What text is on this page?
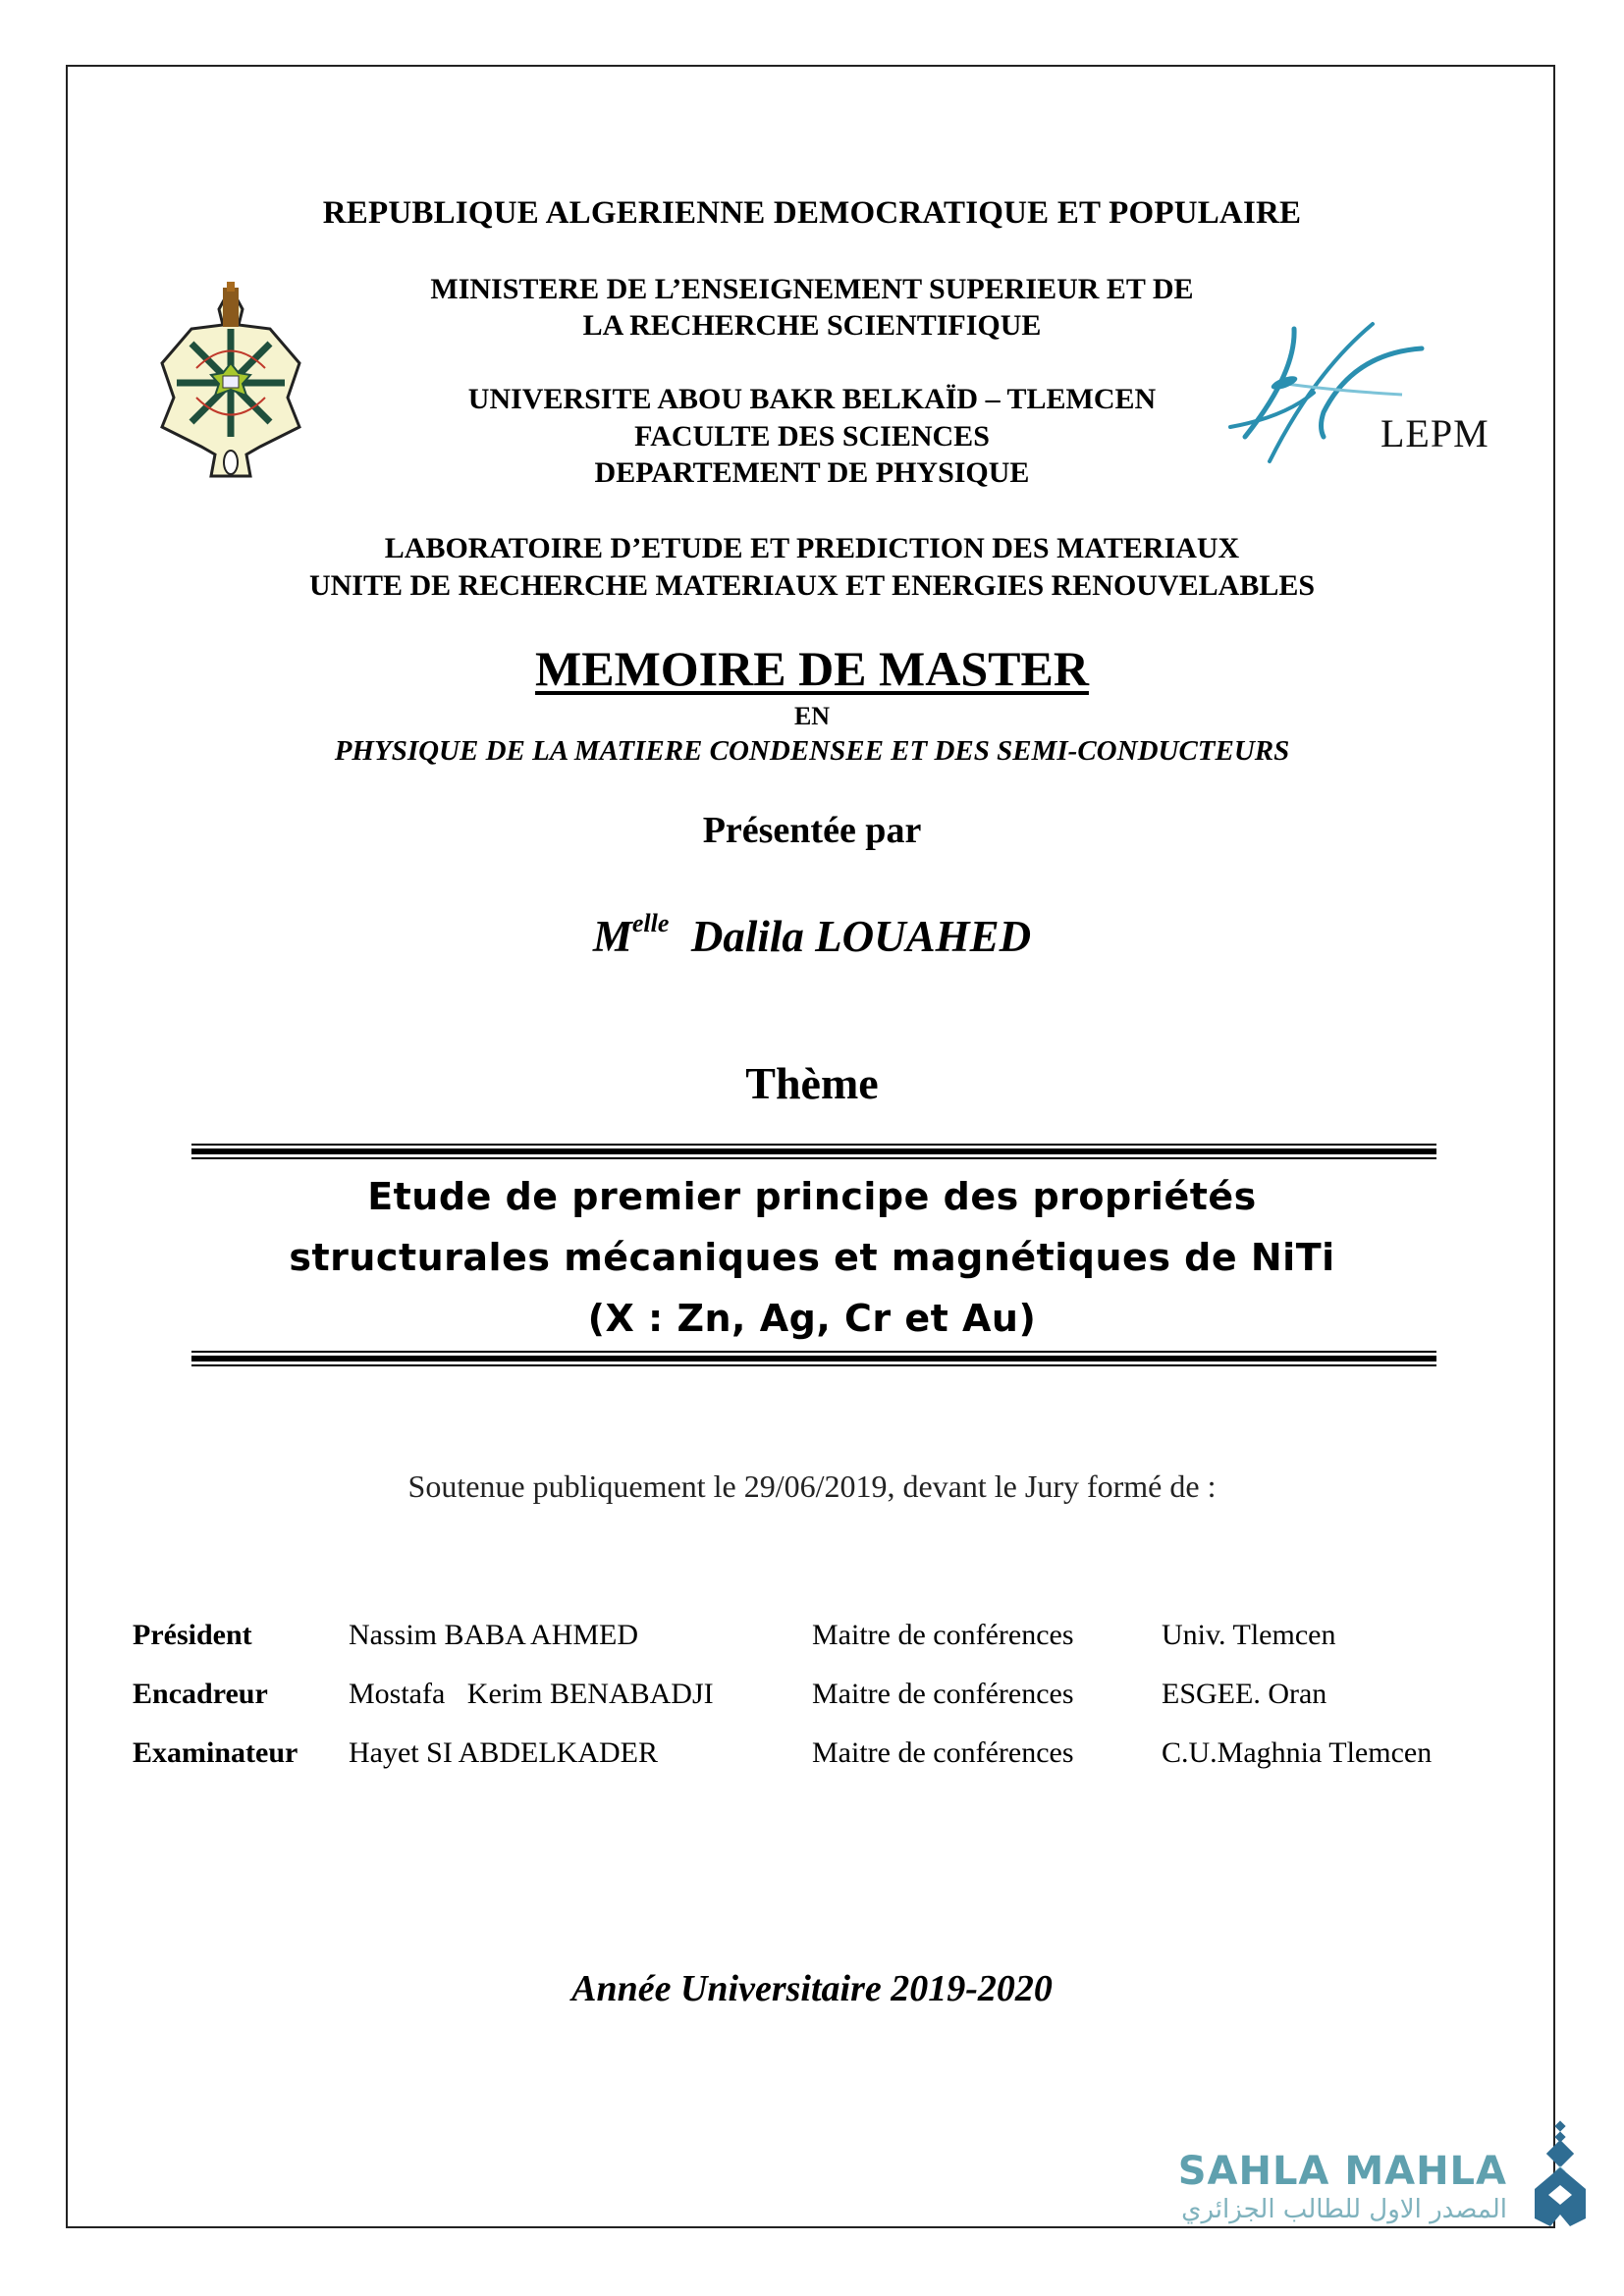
REPUBLIQUE ALGERIENNE DEMOCRATIQUE ET POPULAIRE
MINISTERE DE L’ENSEIGNEMENT SUPERIEUR ET DE
LA RECHERCHE SCIENTIFIQUE
UNIVERSITE ABOU BAKR BELKAÏD – TLEMCEN
FACULTE DES SCIENCES
DEPARTEMENT DE PHYSIQUE
LABORATOIRE D’ETUDE ET PREDICTION DES MATERIAUX
UNITE DE RECHERCHE MATERIAUX ET ENERGIES RENOUVELABLES
LEPM
MEMOIRE DE MASTER
EN
PHYSIQUE DE LA MATIERE CONDENSEE ET DES SEMI-CONDUCTEURS
Présentée par
$M^{elle}$ Dalila LOUAHED
Thème
Etude de premier principe des propriétés
structurales mécaniques et magnétiques de NiTi
(X : Zn, Ag, Cr et Au)
Soutenue publiquement le 29/06/2019, devant le Jury formé de :
Président	Nassim BABA AHMED	Maitre de conférences	Univ. Tlemcen
Encadreur	Mostafa   Kerim BENABADJI	Maitre de conférences	ESGEE. Oran
Examinateur Hayet SI ABDELKADER	Maitre de conférences	C.U.Maghnia Tlemcen
Année Universitaire 2019-2020
SAHLA MAHLA
المصدر الاول للطالب الجزائري
